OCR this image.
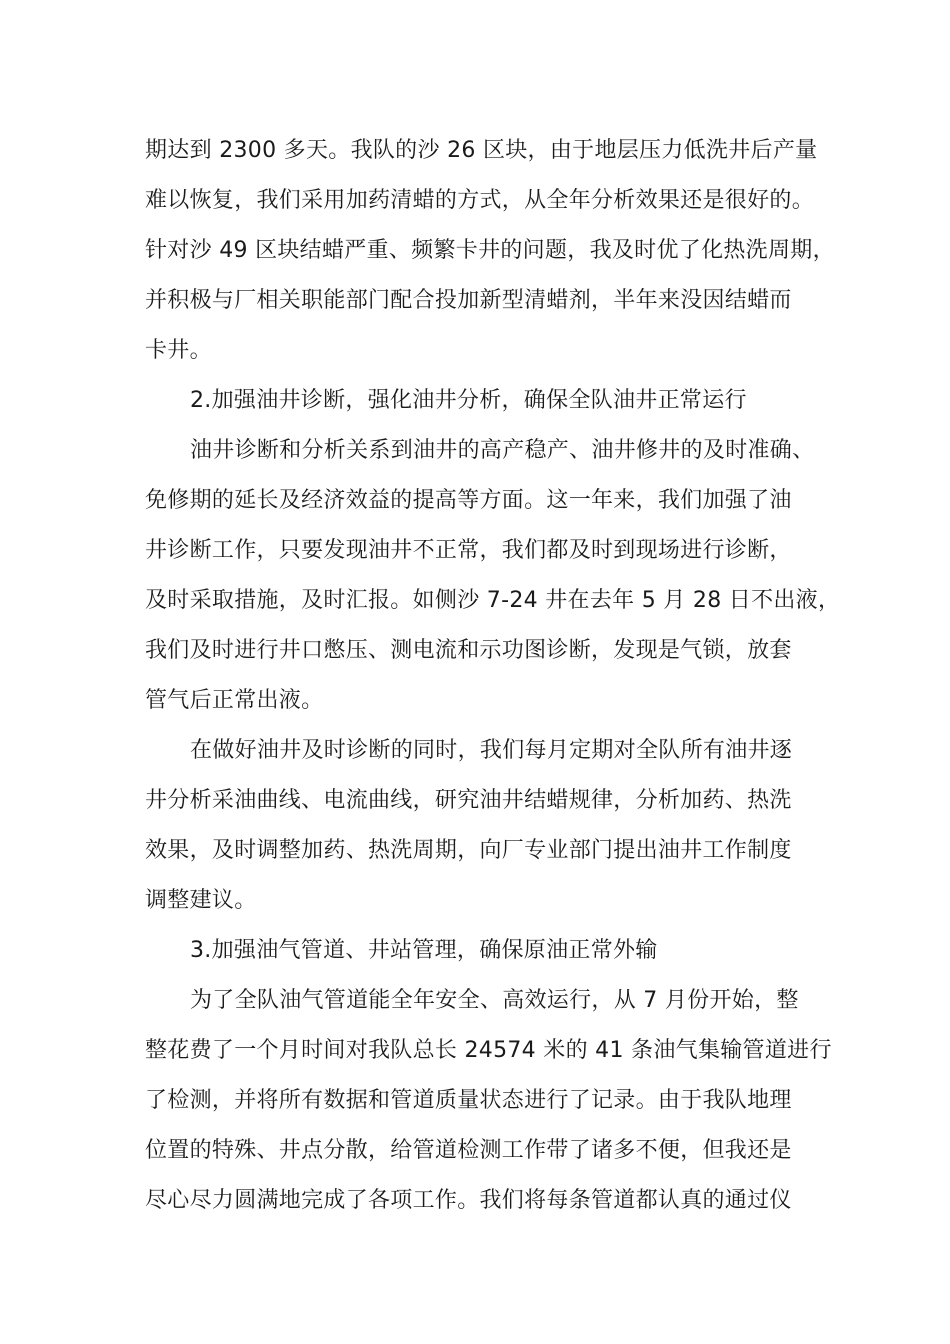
期达到 2300 多天。我队的沙 26 区块，由于地层压力低洗井后产量
难以恢复，我们采用加药清蜡的方式，从全年分析效果还是很好的。
针对沙 49 区块结蜡严重、频繁卡井的问题，我及时优了化热洗周期，
并积极与厂相关职能部门配合投加新型清蜡剂，半年来没因结蜡而
卡井。
2.加强油井诊断，强化油井分析，确保全队油井正常运行
油井诊断和分析关系到油井的高产稳产、油井修井的及时准确、
免修期的延长及经济效益的提高等方面。这一年来，我们加强了油
井诊断工作，只要发现油井不正常，我们都及时到现场进行诊断，
及时采取措施，及时汇报。如侧沙 7-24 井在去年 5 月 28 日不出液，
我们及时进行井口憋压、测电流和示功图诊断，发现是气锁，放套
管气后正常出液。
在做好油井及时诊断的同时，我们每月定期对全队所有油井逐
井分析采油曲线、电流曲线，研究油井结蜡规律，分析加药、热洗
效果，及时调整加药、热洗周期，向厂专业部门提出油井工作制度
调整建议。
3.加强油气管道、井站管理，确保原油正常外输
为了全队油气管道能全年安全、高效运行，从 7 月份开始，整
整花费了一个月时间对我队总长 24574 米的 41 条油气集输管道进行
了检测，并将所有数据和管道质量状态进行了记录。由于我队地理
位置的特殊、井点分散，给管道检测工作带了诸多不便，但我还是
尽心尽力圆满地完成了各项工作。我们将每条管道都认真的通过仪
